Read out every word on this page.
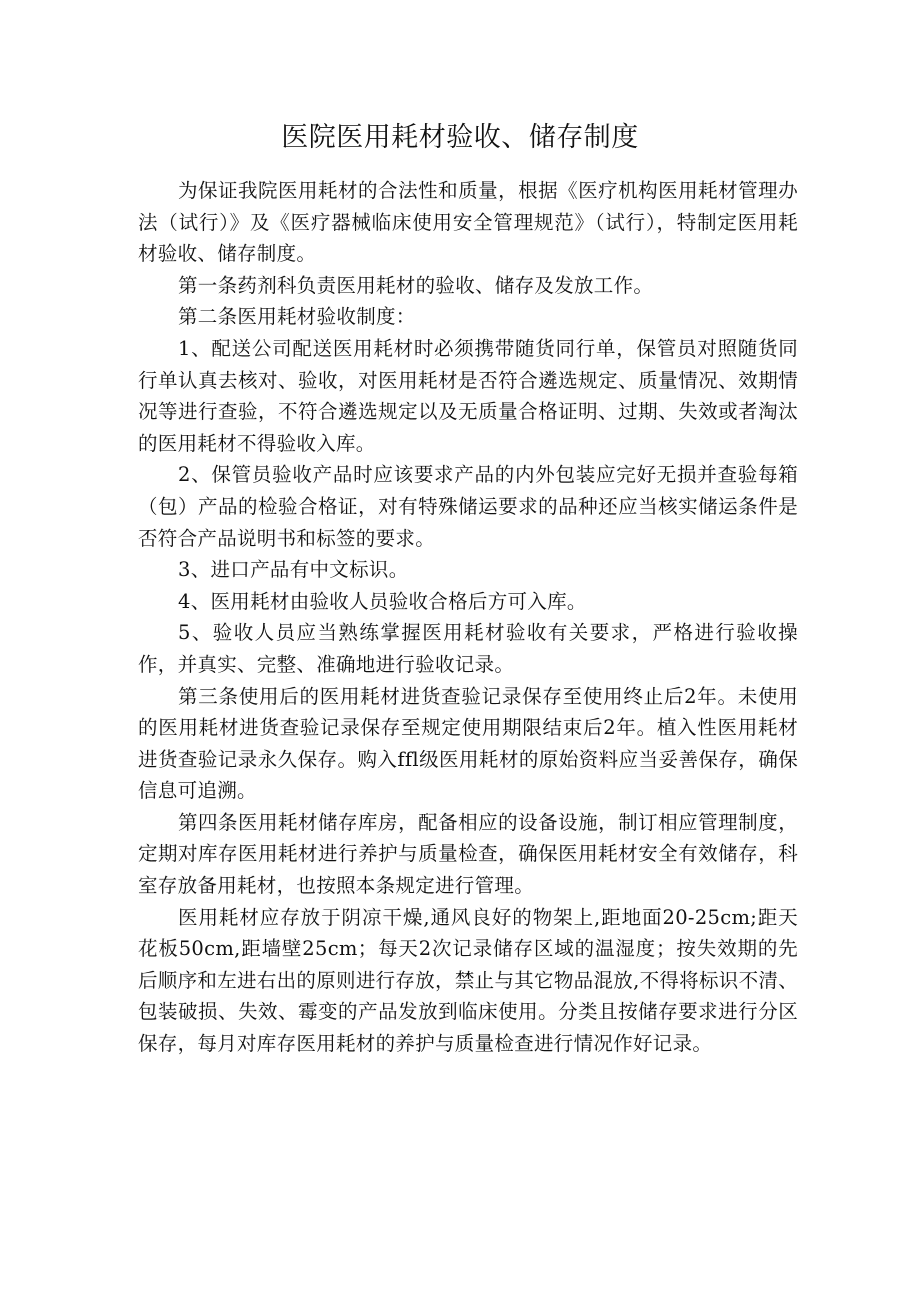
医院医用耗材验收、储存制度

为保证我院医用耗材的合法性和质量，根据《医疗机构医用耗材管理办法（试行）》及《医疗器械临床使用安全管理规范》（试行），特制定医用耗材验收、储存制度。

第一条药剂科负责医用耗材的验收、储存及发放工作。

第二条医用耗材验收制度：

1、配送公司配送医用耗材时必须携带随货同行单，保管员对照随货同行单认真去核对、验收，对医用耗材是否符合遴选规定、质量情况、效期情况等进行查验，不符合遴选规定以及无质量合格证明、过期、失效或者淘汰的医用耗材不得验收入库。

2、保管员验收产品时应该要求产品的内外包装应完好无损并查验每箱（包）产品的检验合格证，对有特殊储运要求的品种还应当核实储运条件是否符合产品说明书和标签的要求。

3、进口产品有中文标识。

4、医用耗材由验收人员验收合格后方可入库。

5、验收人员应当熟练掌握医用耗材验收有关要求，严格进行验收操作，并真实、完整、准确地进行验收记录。

第三条使用后的医用耗材进货查验记录保存至使用终止后2年。未使用的医用耗材进货查验记录保存至规定使用期限结束后2年。植入性医用耗材进货查验记录永久保存。购入ffl级医用耗材的原始资料应当妥善保存，确保信息可追溯。

第四条医用耗材储存库房，配备相应的设备设施，制订相应管理制度，定期对库存医用耗材进行养护与质量检查，确保医用耗材安全有效储存，科室存放备用耗材，也按照本条规定进行管理。

医用耗材应存放于阴凉干燥,通风良好的物架上,距地面20-25cm;距天花板50cm,距墙壁25cm；每天2次记录储存区域的温湿度；按失效期的先后顺序和左进右出的原则进行存放，禁止与其它物品混放,不得将标识不清、包装破损、失效、霉变的产品发放到临床使用。分类且按储存要求进行分区保存，每月对库存医用耗材的养护与质量检查进行情况作好记录。
